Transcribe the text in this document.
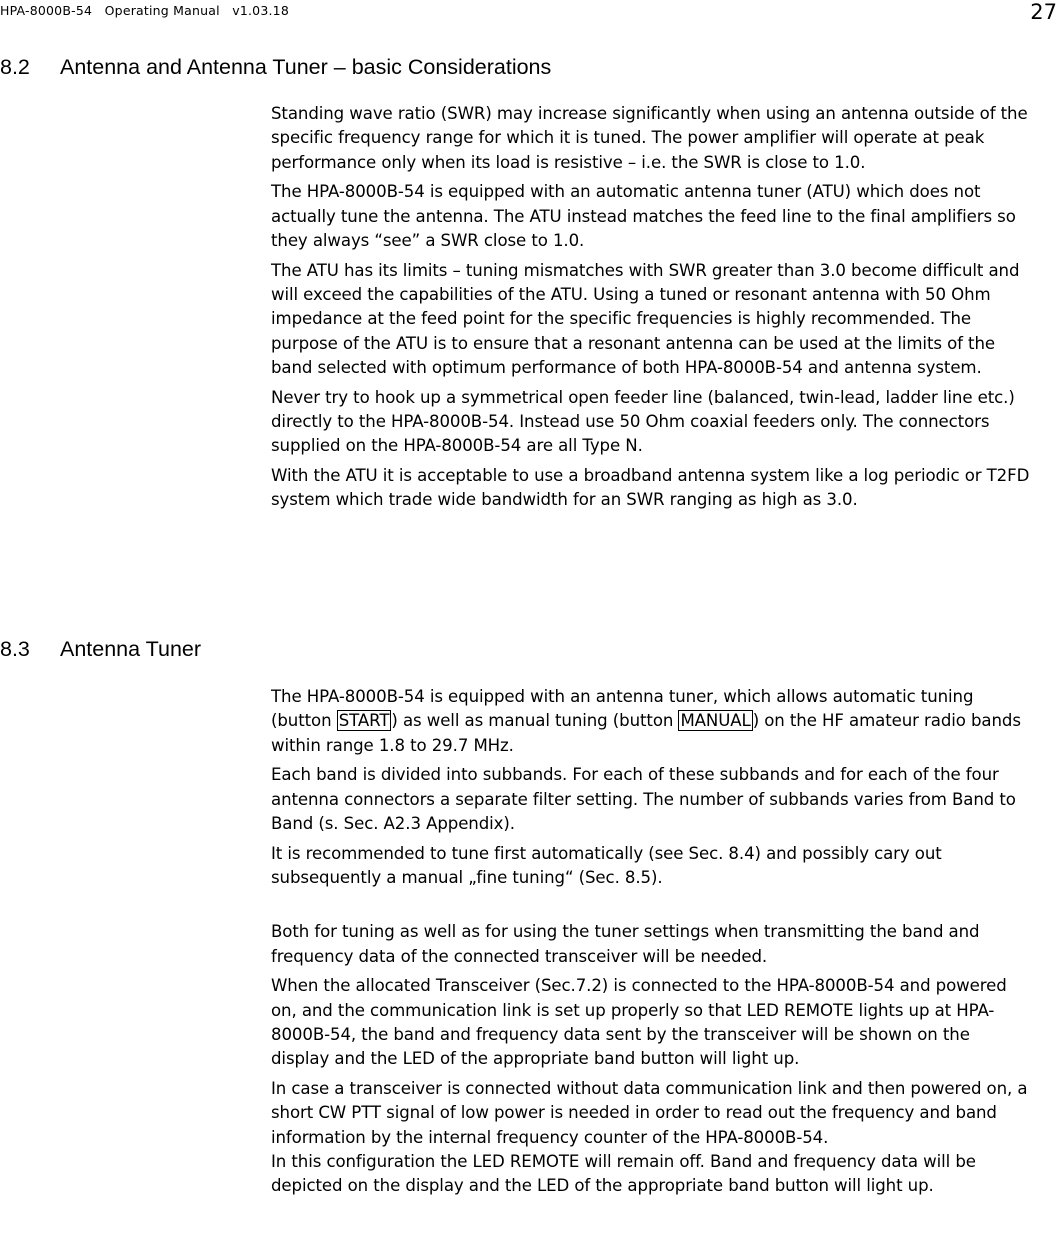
HPA-8000B-54   Operating Manual   v1.03.18	27
8.2 Antenna and Antenna Tuner – basic Considerations

Standing wave ratio (SWR) may increase significantly when using an antenna outside of the specific frequency range for which it is tuned. The power amplifier will operate at peak performance only when its load is resistive – i.e. the SWR is close to 1.0.

The HPA-8000B-54 is equipped with an automatic antenna tuner (ATU) which does not actually tune the antenna. The ATU instead matches the feed line to the final amplifiers so they always “see” a SWR close to 1.0.

The ATU has its limits – tuning mismatches with SWR greater than 3.0 become difficult and will exceed the capabilities of the ATU. Using a tuned or resonant antenna with 50 Ohm impedance at the feed point for the specific frequencies is highly recommended. The purpose of the ATU is to ensure that a resonant antenna can be used at the limits of the band selected with optimum performance of both HPA-8000B-54 and antenna system.

Never try to hook up a symmetrical open feeder line (balanced, twin-lead, ladder line etc.) directly to the HPA-8000B-54. Instead use 50 Ohm coaxial feeders only. The connectors supplied on the HPA-8000B-54 are all Type N.

With the ATU it is acceptable to use a broadband antenna system like a log periodic or T2FD system which trade wide bandwidth for an SWR ranging as high as 3.0.

8.3 Antenna Tuner

The HPA-8000B-54 is equipped with an antenna tuner, which allows automatic tuning (button START ) as well as manual tuning (button MANUAL ) on the HF amateur radio bands within range 1.8 to 29.7 MHz.

Each band is divided into subbands. For each of these subbands and for each of the four antenna connectors a separate filter setting. The number of subbands varies from Band to Band (s. Sec. A2.3 Appendix).

It is recommended to tune first automatically (see Sec. 8.4) and possibly cary out subsequently a manual „fine tuning“ (Sec. 8.5).

Both for tuning as well as for using the tuner settings when transmitting the band and frequency data of the connected transceiver will be needed.

When the allocated Transceiver (Sec.7.2) is connected to the HPA-8000B-54 and powered on, and the communication link is set up properly so that LED REMOTE lights up at HPA-8000B-54, the band and frequency data sent by the transceiver will be shown on the display and the LED of the appropriate band button will light up.

In case a transceiver is connected without data communication link and then powered on, a short CW PTT signal of low power is needed in order to read out the frequency and band information by the internal frequency counter of the HPA-8000B-54.

In this configuration the LED REMOTE will remain off. Band and frequency data will be depicted on the display and the LED of the appropriate band button will light up.
